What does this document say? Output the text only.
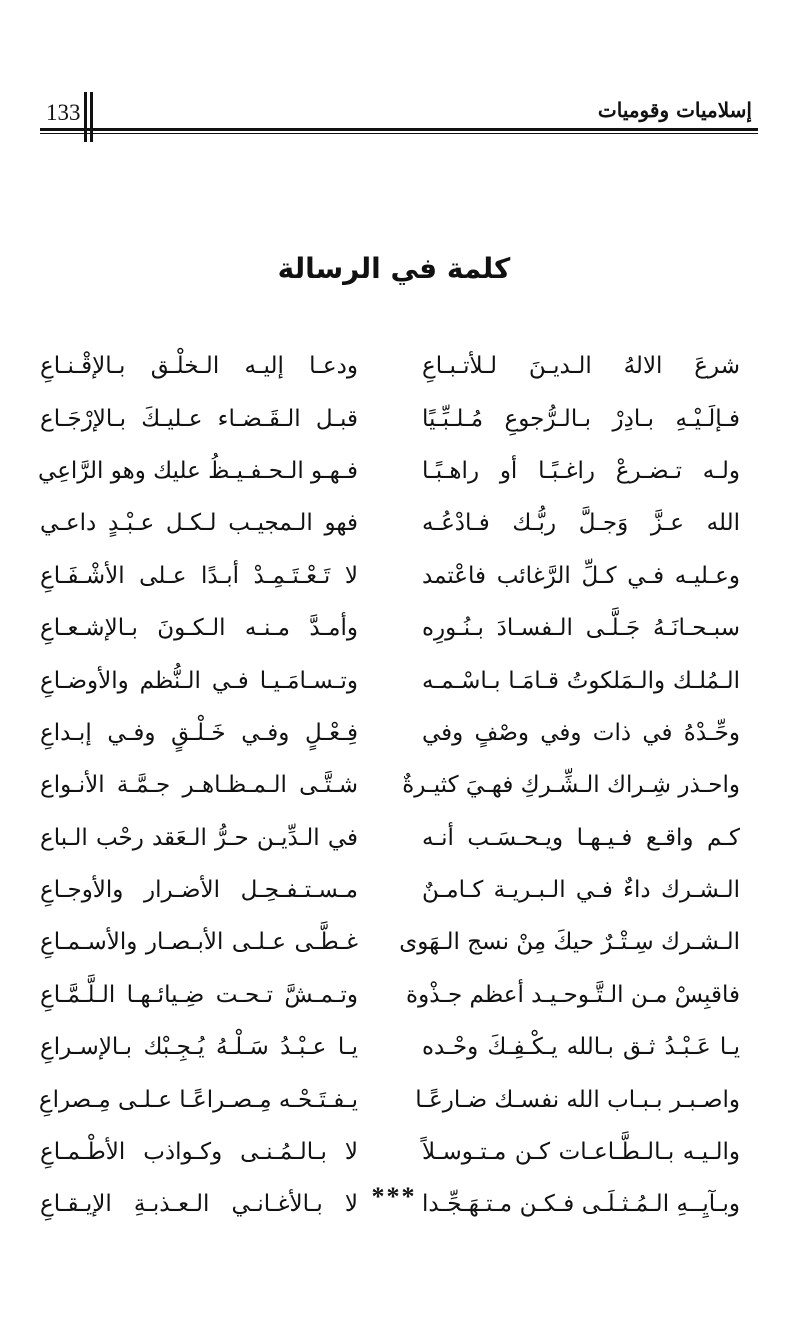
133	إسلاميات وقوميات
كلمة في الرسالة
شرعَ الالهُ الـديـنَ لـلأتـبـاعِ
ودعـا إليـه الـخلْـق بـالإقْـنـاعِ
فـإلَـيْـهِ بـادِرْ بـالـرُّجوعِ مُـلـبِّـيًا
قبـل الـقَـضـاء عـليـكَ بـالإرْجَـاع
ولـه تـضـرعْ راغـبًـا أو راهـبًـا
فـهـو الـحـفـيـظُ عليك وهو الرَّاعِي
الله عـزَّ وَجـلَّ ربُّـك فـادْعُـه
فهو الـمجيـب لـكـل عـبْـدٍ داعـي
وعـليـه فـي كـلِّ الرَّغائب فاعْتمد
لا تَـعْـتَـمِـدْ أبـدًا عـلى الأشْـفَـاعِ
سبـحـانَـهُ جَـلَّـى الـفسـادَ بـنُـورِه
وأمـدَّ مـنـه الـكـونَ بـالإشـعـاعِ
الـمُلـك والـمَلكوتُ قـامَـا بـاسْـمـه
وتـسـامَـيـا فـي الـنُّظم والأوضـاعِ
وحِّـدْهُ في ذات وفي وصْفٍ وفي
فِـعْـلٍ وفـي خَـلْـقٍ وفـي إبـداعِ
واحـذر شِـراك الـشِّـركِ فهـيَ كثيـرةٌ
شـتَّـى الـمـظـاهـر جـمَّـة الأنـواع
كـم واقـع فـيـهـا ويـحـسَـب أنـه
في الـدِّيـن حـرُّ الـعَقد رحْب الـباع
الـشـرك داءٌ فـي الـبـريـة كـامـنٌ
مـسـتـفـحِـل الأضـرار والأوجـاعِ
الـشـرك سِـتْـرٌ حيكَ مِنْ نسج الـهَوى
غـطَّـى عـلـى الأبـصـار والأسـمـاعِ
فاقبِسْ مـن الـتَّـوحـيـد أعظم جـذْوة
وتـمـشَّ تـحـت ضِـيائـهـا الـلَّـمَّـاعِ
يـا عَـبْـدُ ثـق بـالله يـكْـفِـكَ وحْـده
يـا عـبْـدُ سَـلْـهُ يُـجِـبْك بـالإسـراعِ
واصـبـر بـبـاب الله نفسـك ضـارعًـا
يـفـتَـحْـه مِـصـراعًـا عـلـى مِـصراعِ
والـيـه بـالـطَّـاعـات كـن مـتـوسـلاً
لا بـالـمُـنـى وكـواذب الأطْـمـاعِ
وبـآيِــهِ الـمُـثـلَـى فـكـن مـتـهَـجِّـدا
لا بـالأغـانـي الـعـذبـةِ الإيـقـاعِ ***
